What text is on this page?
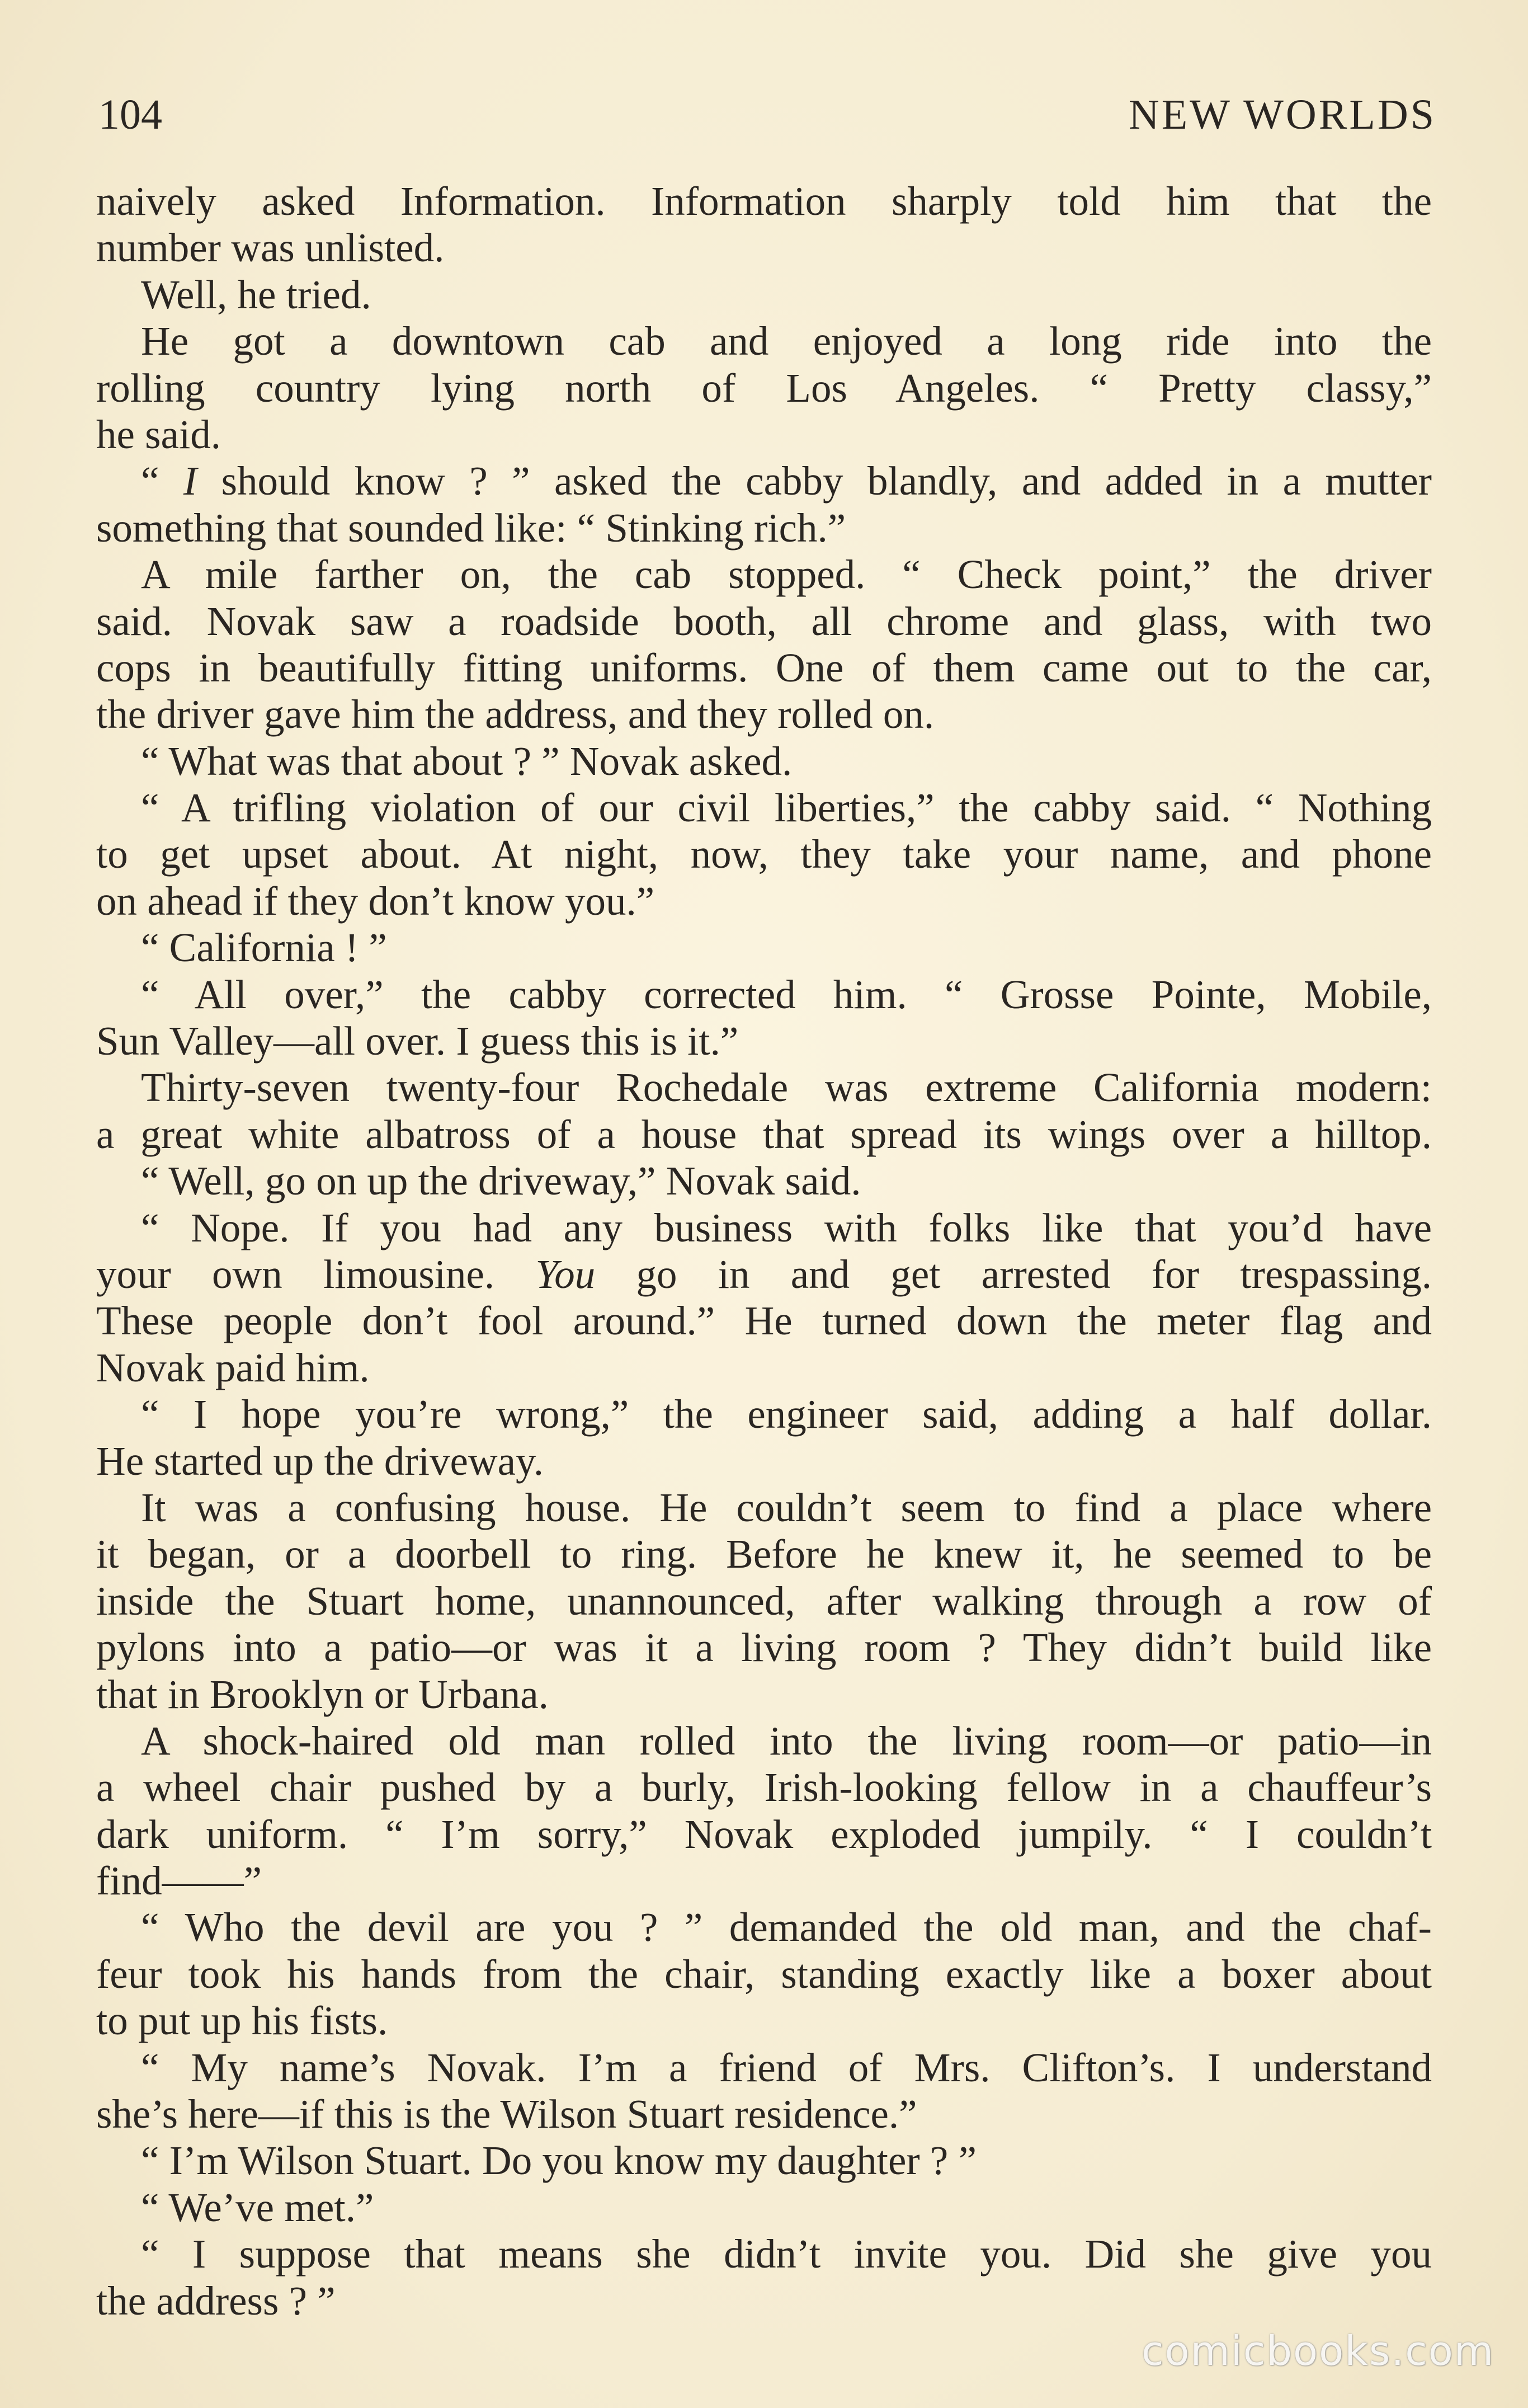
104	NEW WORLDS
naively asked Information. Information sharply told him that the
number was unlisted.
Well, he tried.
He got a downtown cab and enjoyed a long ride into the
rolling country lying north of Los Angeles. “ Pretty classy,”
he said.
“ I should know ? ” asked the cabby blandly, and added in a mutter
something that sounded like: “ Stinking rich.”
A mile farther on, the cab stopped. “ Check point,” the driver
said. Novak saw a roadside booth, all chrome and glass, with two
cops in beautifully fitting uniforms. One of them came out to the car,
the driver gave him the address, and they rolled on.
“ What was that about ? ” Novak asked.
“ A trifling violation of our civil liberties,” the cabby said. “ Nothing
to get upset about. At night, now, they take your name, and phone
on ahead if they don’t know you.”
“ California ! ”
“ All over,” the cabby corrected him. “ Grosse Pointe, Mobile,
Sun Valley—all over. I guess this is it.”
Thirty-seven twenty-four Rochedale was extreme California modern:
a great white albatross of a house that spread its wings over a hilltop.
“ Well, go on up the driveway,” Novak said.
“ Nope. If you had any business with folks like that you’d have
your own limousine. You go in and get arrested for trespassing.
These people don’t fool around.” He turned down the meter flag and
Novak paid him.
“ I hope you’re wrong,” the engineer said, adding a half dollar.
He started up the driveway.
It was a confusing house. He couldn’t seem to find a place where
it began, or a doorbell to ring. Before he knew it, he seemed to be
inside the Stuart home, unannounced, after walking through a row of
pylons into a patio—or was it a living room ? They didn’t build like
that in Brooklyn or Urbana.
A shock-haired old man rolled into the living room—or patio—in
a wheel chair pushed by a burly, Irish-looking fellow in a chauffeur’s
dark uniform. “ I’m sorry,” Novak exploded jumpily. “ I couldn’t
find——”
“ Who the devil are you ? ” demanded the old man, and the chaf-
feur took his hands from the chair, standing exactly like a boxer about
to put up his fists.
“ My name’s Novak. I’m a friend of Mrs. Clifton’s. I understand
she’s here—if this is the Wilson Stuart residence.”
“ I’m Wilson Stuart. Do you know my daughter ? ”
“ We’ve met.”
“ I suppose that means she didn’t invite you. Did she give you
the address ? ”
comicbooks.com
